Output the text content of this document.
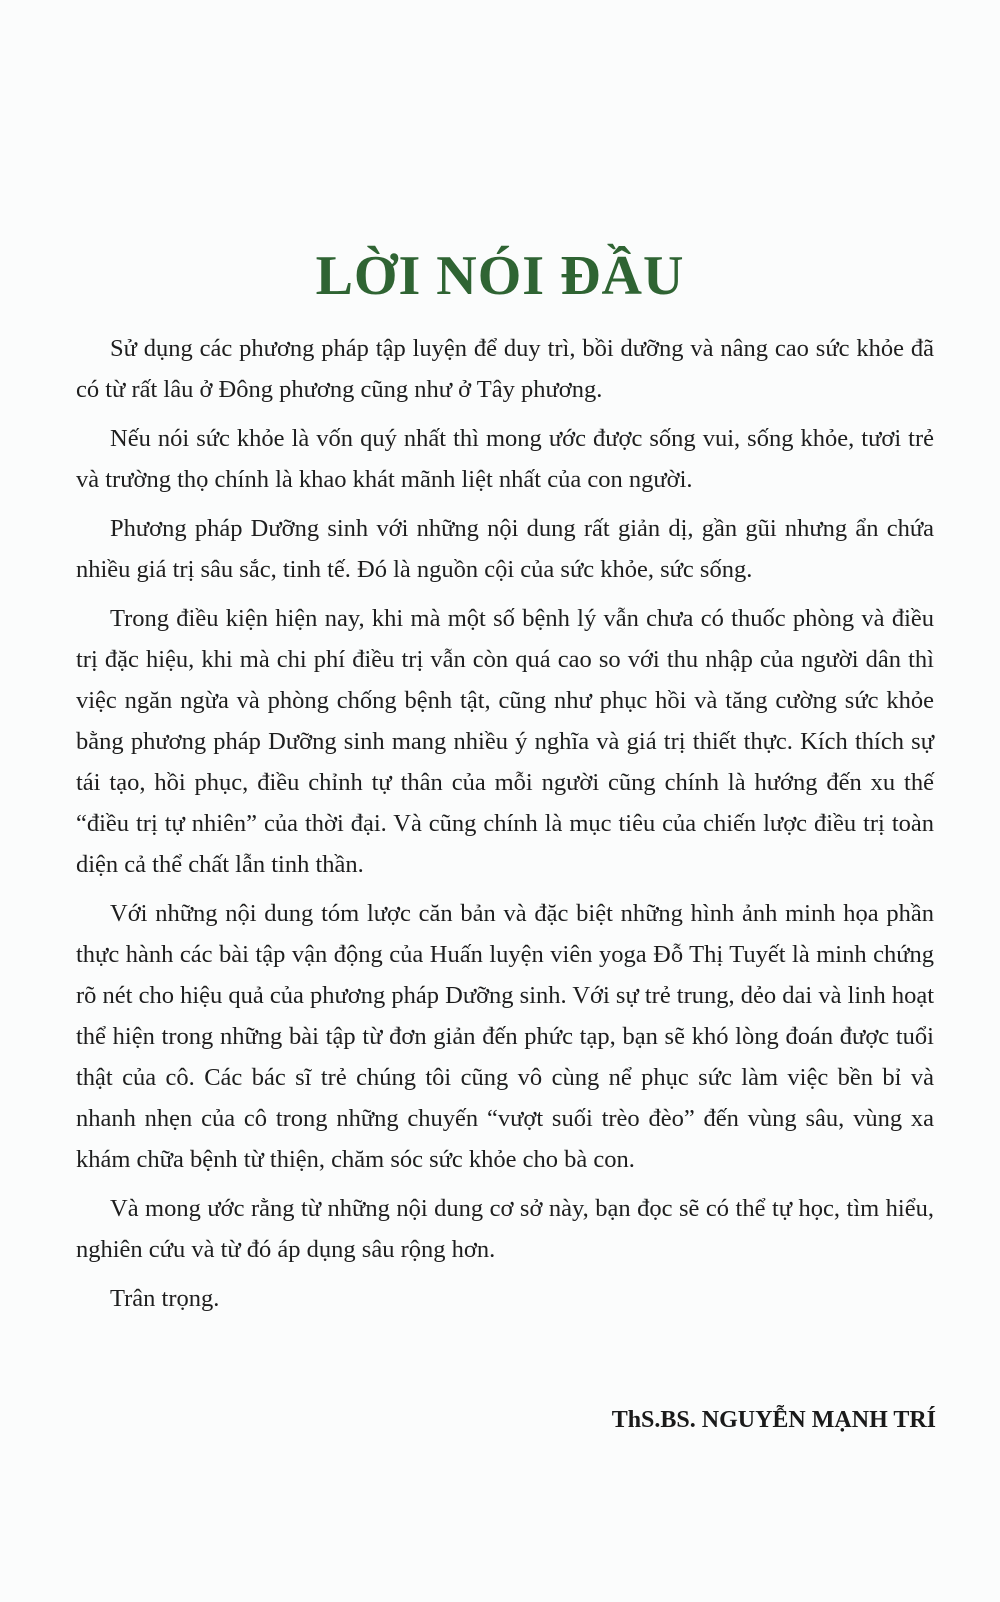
LỜI NÓI ĐẦU

Sử dụng các phương pháp tập luyện để duy trì, bồi dưỡng và nâng cao sức khỏe đã có từ rất lâu ở Đông phương cũng như ở Tây phương.

Nếu nói sức khỏe là vốn quý nhất thì mong ước được sống vui, sống khỏe, tươi trẻ và trường thọ chính là khao khát mãnh liệt nhất của con người.

Phương pháp Dưỡng sinh với những nội dung rất giản dị, gần gũi nhưng ẩn chứa nhiều giá trị sâu sắc, tinh tế. Đó là nguồn cội của sức khỏe, sức sống.

Trong điều kiện hiện nay, khi mà một số bệnh lý vẫn chưa có thuốc phòng và điều trị đặc hiệu, khi mà chi phí điều trị vẫn còn quá cao so với thu nhập của người dân thì việc ngăn ngừa và phòng chống bệnh tật, cũng như phục hồi và tăng cường sức khỏe bằng phương pháp Dưỡng sinh mang nhiều ý nghĩa và giá trị thiết thực. Kích thích sự tái tạo, hồi phục, điều chỉnh tự thân của mỗi người cũng chính là hướng đến xu thế “điều trị tự nhiên” của thời đại. Và cũng chính là mục tiêu của chiến lược điều trị toàn diện cả thể chất lẫn tinh thần.

Với những nội dung tóm lược căn bản và đặc biệt những hình ảnh minh họa phần thực hành các bài tập vận động của Huấn luyện viên yoga Đỗ Thị Tuyết là minh chứng rõ nét cho hiệu quả của phương pháp Dưỡng sinh. Với sự trẻ trung, dẻo dai và linh hoạt thể hiện trong những bài tập từ đơn giản đến phức tạp, bạn sẽ khó lòng đoán được tuổi thật của cô. Các bác sĩ trẻ chúng tôi cũng vô cùng nể phục sức làm việc bền bỉ và nhanh nhẹn của cô trong những chuyến “vượt suối trèo đèo” đến vùng sâu, vùng xa khám chữa bệnh từ thiện, chăm sóc sức khỏe cho bà con.

Và mong ước rằng từ những nội dung cơ sở này, bạn đọc sẽ có thể tự học, tìm hiểu, nghiên cứu và từ đó áp dụng sâu rộng hơn.

Trân trọng.

ThS.BS. NGUYỄN MẠNH TRÍ
